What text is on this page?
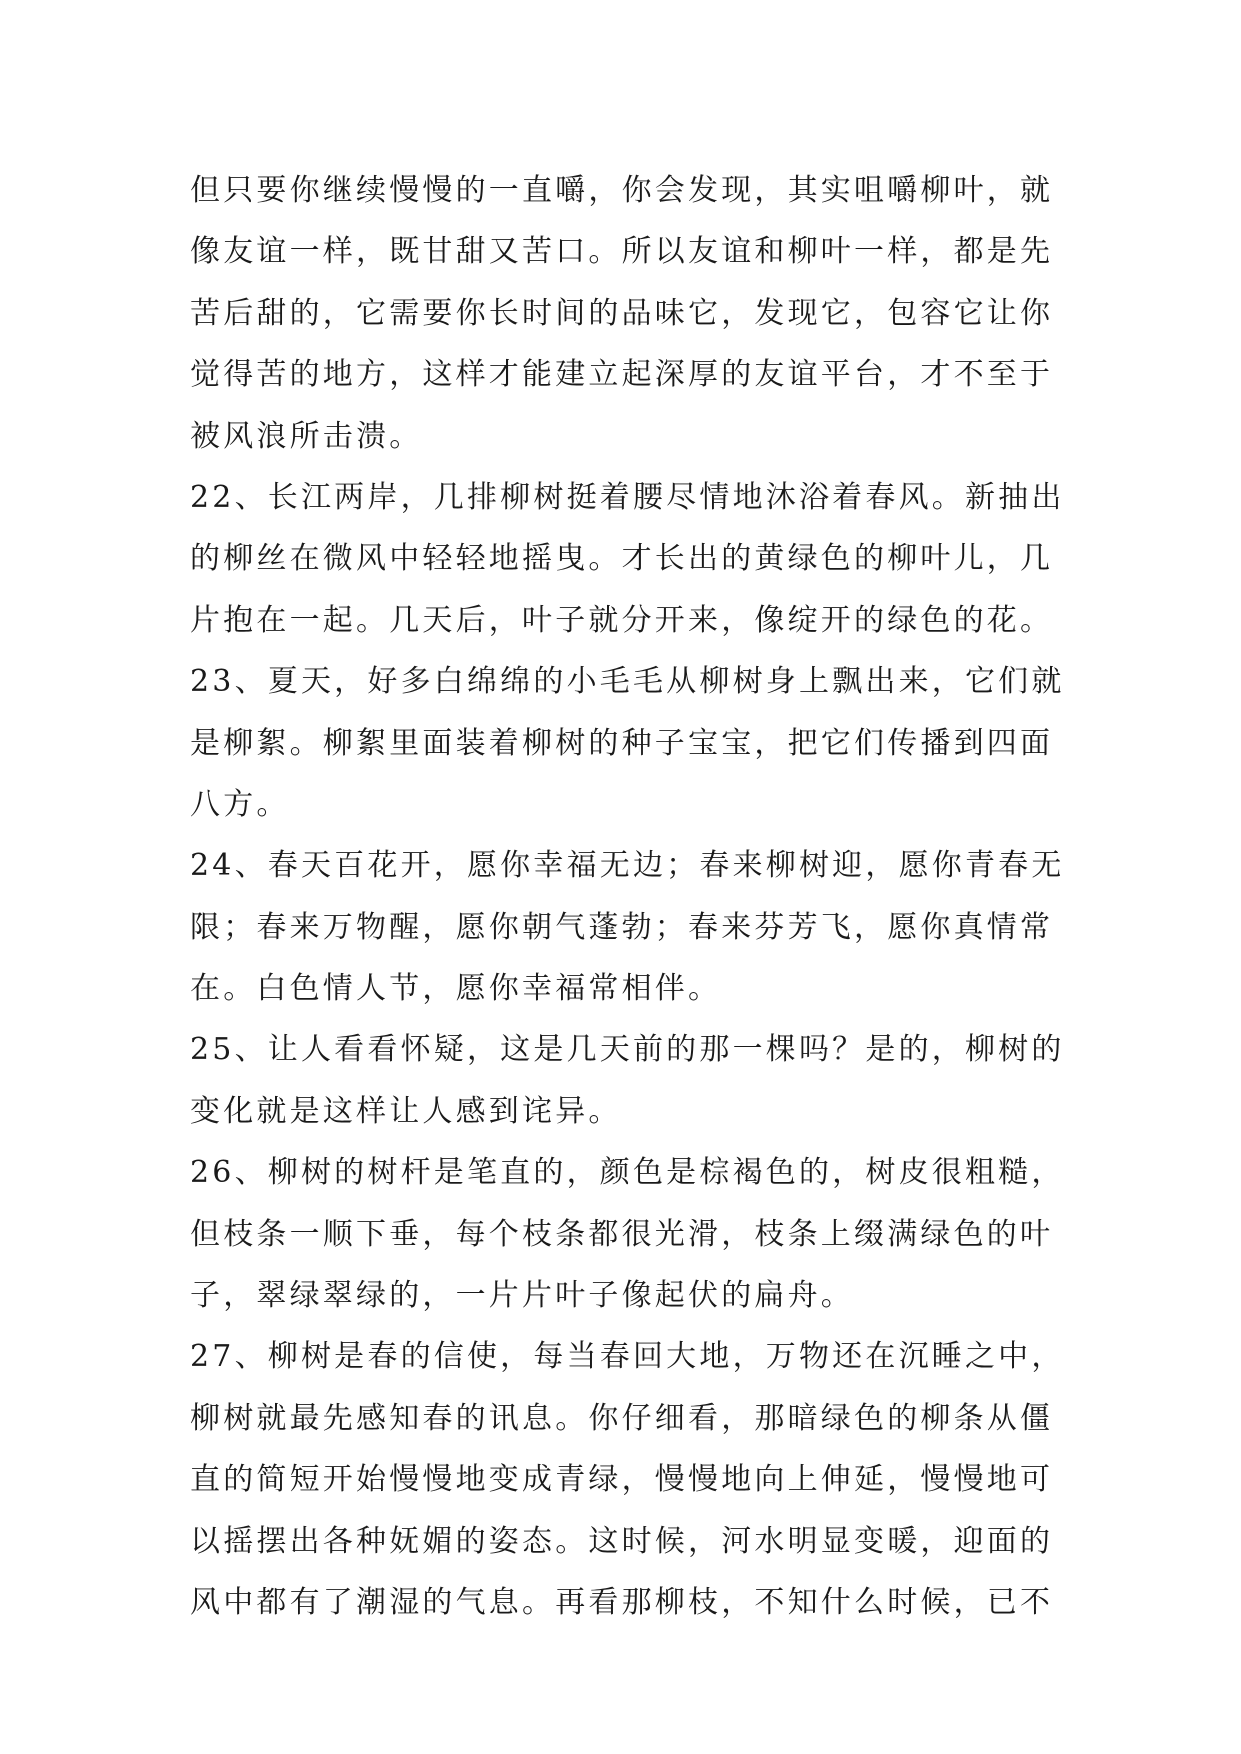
但只要你继续慢慢的一直嚼，你会发现，其实咀嚼柳叶，就
像友谊一样，既甘甜又苦口。所以友谊和柳叶一样，都是先
苦后甜的，它需要你长时间的品味它，发现它，包容它让你
觉得苦的地方，这样才能建立起深厚的友谊平台，才不至于
被风浪所击溃。
22、长江两岸，几排柳树挺着腰尽情地沐浴着春风。新抽出
的柳丝在微风中轻轻地摇曳。才长出的黄绿色的柳叶儿，几
片抱在一起。几天后，叶子就分开来，像绽开的绿色的花。
23、夏天，好多白绵绵的小毛毛从柳树身上飘出来，它们就
是柳絮。柳絮里面装着柳树的种子宝宝，把它们传播到四面
八方。
24、春天百花开，愿你幸福无边；春来柳树迎，愿你青春无
限；春来万物醒，愿你朝气蓬勃；春来芬芳飞，愿你真情常
在。白色情人节，愿你幸福常相伴。
25、让人看看怀疑，这是几天前的那一棵吗？是的，柳树的
变化就是这样让人感到诧异。
26、柳树的树杆是笔直的，颜色是棕褐色的，树皮很粗糙，
但枝条一顺下垂，每个枝条都很光滑，枝条上缀满绿色的叶
子，翠绿翠绿的，一片片叶子像起伏的扁舟。
27、柳树是春的信使，每当春回大地，万物还在沉睡之中，
柳树就最先感知春的讯息。你仔细看，那暗绿色的柳条从僵
直的简短开始慢慢地变成青绿，慢慢地向上伸延，慢慢地可
以摇摆出各种妩媚的姿态。这时候，河水明显变暖，迎面的
风中都有了潮湿的气息。再看那柳枝，不知什么时候，已不
